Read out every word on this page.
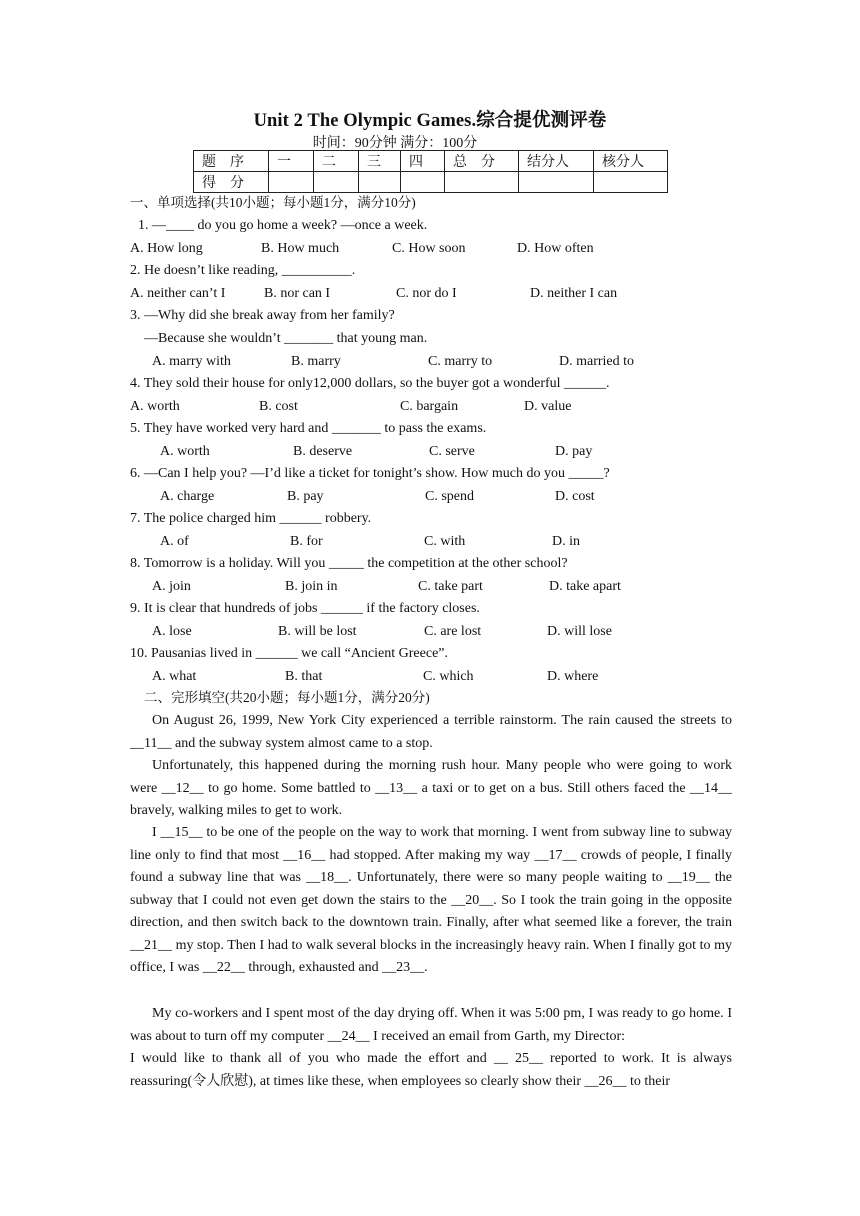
Unit 2 The Olympic Games.综合提优测评卷
时间：90分钟 满分：100分
题　序	一	二	三	四	总　分	结分人	核分人
得　分							
一、单项选择(共10小题；每小题1分，满分10分)
1. —____ do you go home a week? —once a week.
A. How long	B. How much	C. How soon	D. How often
2. He doesn’t like reading, __________.
A. neither can’t I	B. nor can I	C. nor do I	D. neither I can
3. —Why did she break away from her family?
—Because she wouldn’t _______ that young man.
A. marry with	B. marry	C. marry to	D. married to
4. They sold their house for only12,000 dollars, so the buyer got a wonderful ______.
A. worth	B. cost	C. bargain	D. value
5. They have worked very hard and _______ to pass the exams.
A. worth	B. deserve	C. serve	D. pay
6. —Can I help you? —I’d like a ticket for tonight’s show. How much do you _____?
A. charge	B. pay	C. spend	D. cost
7. The police charged him ______ robbery.
A. of	B. for	C. with	D. in
8. Tomorrow is a holiday. Will you _____ the competition at the other school?
A. join	B. join in	C. take part	D. take apart
9. It is clear that hundreds of jobs ______ if the factory closes.
A. lose	B. will be lost	C. are lost	D. will lose
10. Pausanias lived in ______ we call “Ancient Greece”.
A. what	B. that	C. which	D. where
二、完形填空(共20小题；每小题1分，满分20分)
On August 26, 1999, New York City experienced a terrible rainstorm. The rain caused the streets to __11__ and the subway system almost came to a stop.
Unfortunately, this happened during the morning rush hour. Many people who were going to work were __12__ to go home. Some battled to __13__ a taxi or to get on a bus. Still others faced the __14__ bravely, walking miles to get to work.
I __15__ to be one of the people on the way to work that morning. I went from subway line to subway line only to find that most __16__ had stopped. After making my way __17__ crowds of people, I finally found a subway line that was __18__. Unfortunately, there were so many people waiting to __19__ the subway that I could not even get down the stairs to the __20__. So I took the train going in the opposite direction, and then switch back to the downtown train. Finally, after what seemed like a forever, the train __21__ my stop. Then I had to walk several blocks in the increasingly heavy rain. When I finally got to my office, I was __22__ through, exhausted and __23__.
My co-workers and I spent most of the day drying off. When it was 5:00 pm, I was ready to go home. I was about to turn off my computer __24__ I received an email from Garth, my Director:
I would like to thank all of you who made the effort and __ 25__ reported to work. It is always reassuring(令人欣慰), at times like these, when employees so clearly show their __26__ to their
